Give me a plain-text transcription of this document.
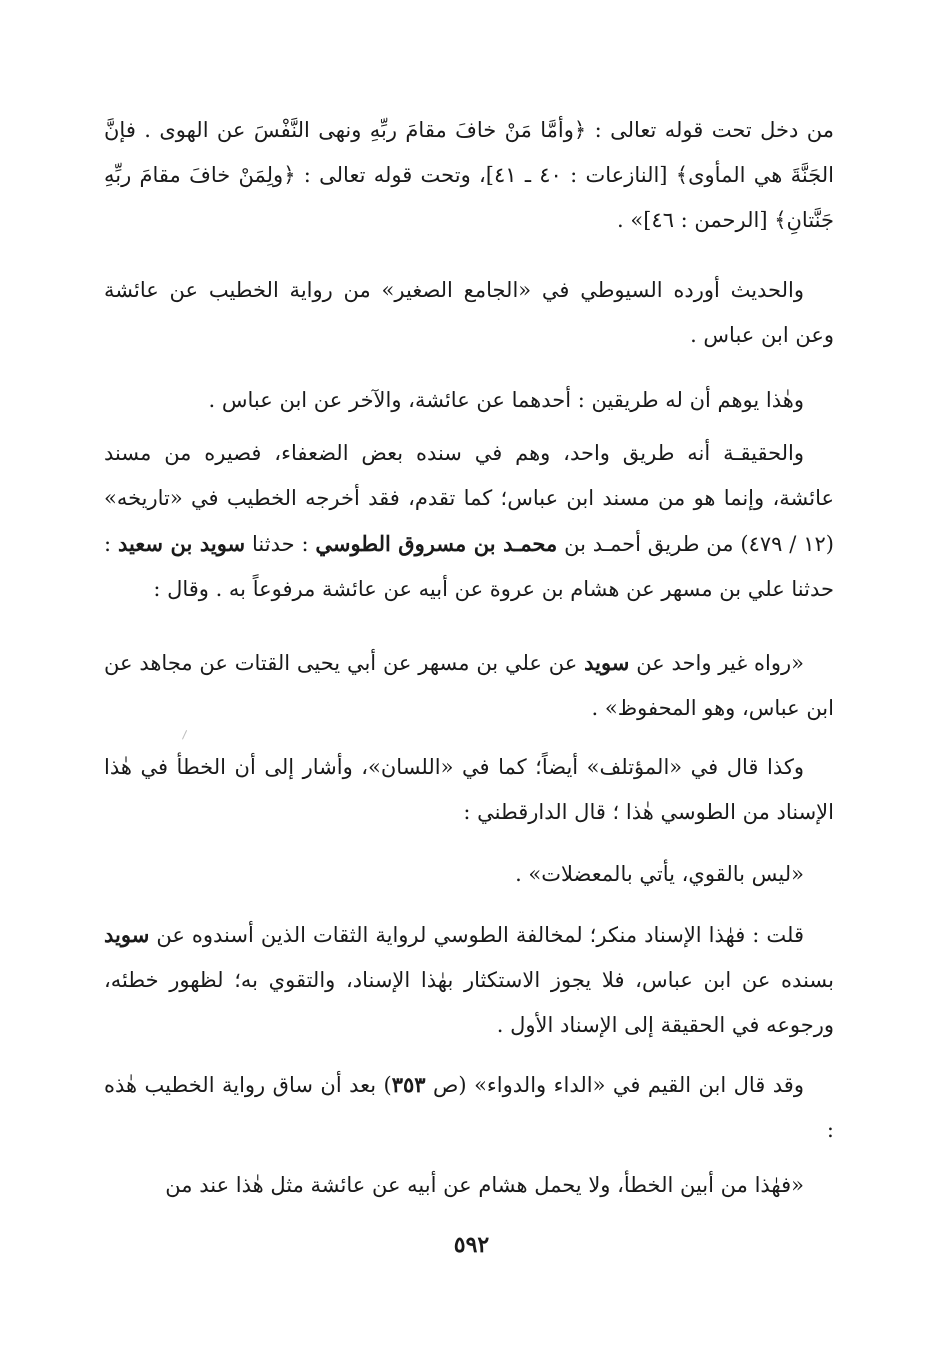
من دخل تحت قوله تعالى : ﴿وأمَّا مَنْ خافَ مقامَ ربِّهِ ونهى النَّفْسَ عن الهوى . فإنَّ الجَنَّةَ هي المأوى﴾ [النازعات : ٤٠ ـ ٤١]، وتحت قوله تعالى : ﴿ولِمَنْ خافَ مقامَ ربِّهِ جَنَّتانِ﴾ [الرحمن : ٤٦]» .

والحديث أورده السيوطي في «الجامع الصغير» من رواية الخطيب عن عائشة وعن ابن عباس .

وهٰذا يوهم أن له طريقين : أحدهما عن عائشة، والآخر عن ابن عباس .

والحقيقـة أنه طريق واحد، وهم في سنده بعض الضعفاء، فصيره من مسند عائشة، وإنما هو من مسند ابن عباس؛ كما تقدم، فقد أخرجه الخطيب في «تاريخه» (١٢ / ٤٧٩) من طريق أحمـد بن محمـد بن مسروق الطوسي : حدثنا سويد بن سعيد : حدثنا علي بن مسهر عن هشام بن عروة عن أبيه عن عائشة مرفوعاً به . وقال :

«رواه غير واحد عن سويد عن علي بن مسهر عن أبي يحيى القتات عن مجاهد عن ابن عباس، وهو المحفوظ» .

وكذا قال في «المؤتلف» أيضاً؛ كما في «اللسان»، وأشار إلى أن الخطأ في هٰذا الإسناد من الطوسي هٰذا ؛ قال الدارقطني :

«ليس بالقوي، يأتي بالمعضلات» .

قلت : فهٰذا الإسناد منكر؛ لمخالفة الطوسي لرواية الثقات الذين أسندوه عن سويد بسنده عن ابن عباس، فلا يجوز الاستكثار بهٰذا الإسناد، والتقوي به؛ لظهور خطئه، ورجوعه في الحقيقة إلى الإسناد الأول .

وقد قال ابن القيم في «الداء والدواء» (ص ٣٥٣) بعد أن ساق رواية الخطيب هٰذه :

«فهٰذا من أبين الخطأ، ولا يحمل هشام عن أبيه عن عائشة مثل هٰذا عند من

٥٩٢
